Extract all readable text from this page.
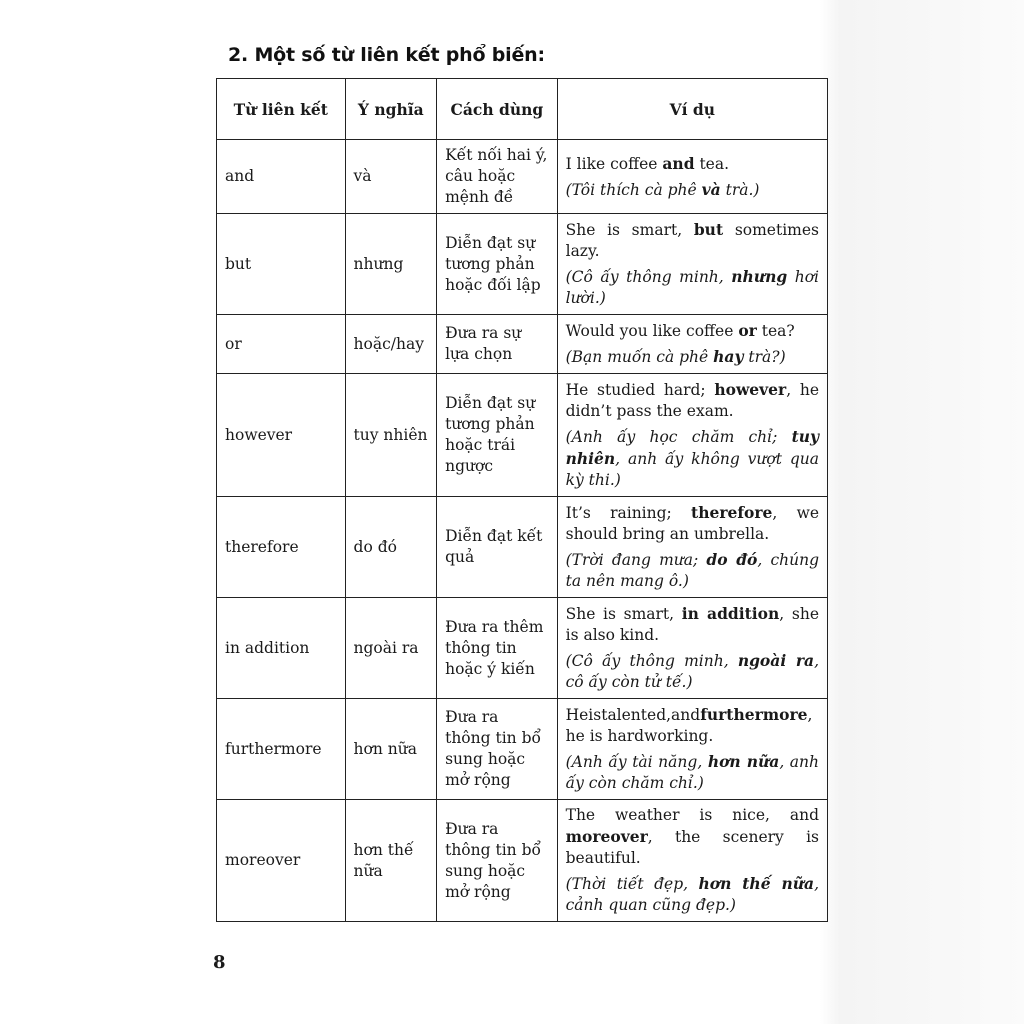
2. Một số từ liên kết phổ biến:
Từ liên kết	Ý nghĩa	Cách dùng	Ví dụ
and	và	Kết nối hai ý, câu hoặc mệnh đề	I like coffee and tea.
(Tôi thích cà phê và trà.)

but	nhưng	Diễn đạt sự tương phản hoặc đối lập	She is smart, but sometimes lazy.
(Cô ấy thông minh, nhưng hơi lười.)

or	hoặc/hay	Đưa ra sự lựa chọn	Would you like coffee or tea?
(Bạn muốn cà phê hay trà?)

however	tuy nhiên	Diễn đạt sự tương phản hoặc trái ngược	He studied hard; however, he didn’t pass the exam.
(Anh ấy học chăm chỉ; tuy nhiên, anh ấy không vượt qua kỳ thi.)

therefore	do đó	Diễn đạt kết quả	It’s raining; therefore, we should bring an umbrella.
(Trời đang mưa; do đó, chúng ta nên mang ô.)

in addition	ngoài ra	Đưa ra thêm thông tin hoặc ý kiến	She is smart, in addition, she is also kind.
(Cô ấy thông minh, ngoài ra, cô ấy còn tử tế.)

furthermore	hơn nữa	Đưa ra thông tin bổ sung hoặc mở rộng	Heistalented,andfurthermore, he is hardworking.
(Anh ấy tài năng, hơn nữa, anh ấy còn chăm chỉ.)

moreover	hơn thế nữa	Đưa ra thông tin bổ sung hoặc mở rộng	The weather is nice, and moreover, the scenery is beautiful.
(Thời tiết đẹp, hơn thế nữa, cảnh quan cũng đẹp.)
8
